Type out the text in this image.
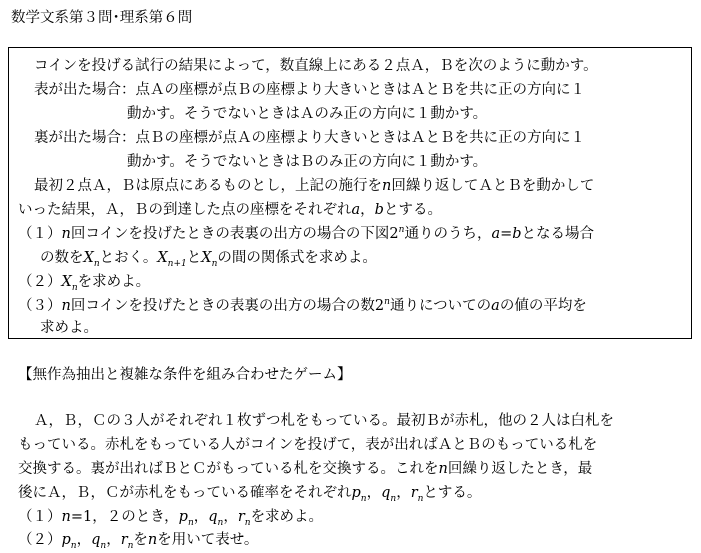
数学文系第３問･理系第６問
コインを投げる試行の結果によって，数直線上にある２点Ａ，Ｂを次のように動かす。
表が出た場合：点Ａの座標が点Ｂの座標より大きいときはＡとＢを共に正の方向に１
動かす。そうでないときはＡのみ正の方向に１動かす。
裏が出た場合：点Ｂの座標が点Ａの座標より大きいときはＡとＢを共に正の方向に１
動かす。そうでないときはＢのみ正の方向に１動かす。
最初２点Ａ，Ｂは原点にあるものとし，上記の施行をn回繰り返してＡとＢを動かして
いった結果，Ａ，Ｂの到達した点の座標をそれぞれa，bとする。
（１）n回コインを投げたときの表裏の出方の場合の下図2$^n$通りのうち，a=bとなる場合
の数を$X_n$とおく。$X_{n+1}$と$X_n$の間の関係式を求めよ。
$(2)X_n$を求めよ。
（３）n回コインを投げたときの表裏の出方の場合の数2$^n$通りについてのaの値の平均を
求めよ。
【無作為抽出と複雑な条件を組み合わせたゲーム】
Ａ，Ｂ，Ｃの３人がそれぞれ１枚ずつ札をもっている。最初Ｂが赤札，他の２人は白札を
もっている。赤札をもっている人がコインを投げて，表が出ればＡとＢのもっている札を
交換する。裏が出ればＢとＣがもっている札を交換する。これをn回繰り返したとき，最
後にＡ，Ｂ，Ｃが赤札をもっている確率をそれぞれ$p_n$，$q_n$，$r_n$とする。
（１）n=1，２のとき，$p_n$，$q_n$，$r_n$を求めよ。
$(2)p_n$，$q_n$，$r_n$をnを用いて表せ。
